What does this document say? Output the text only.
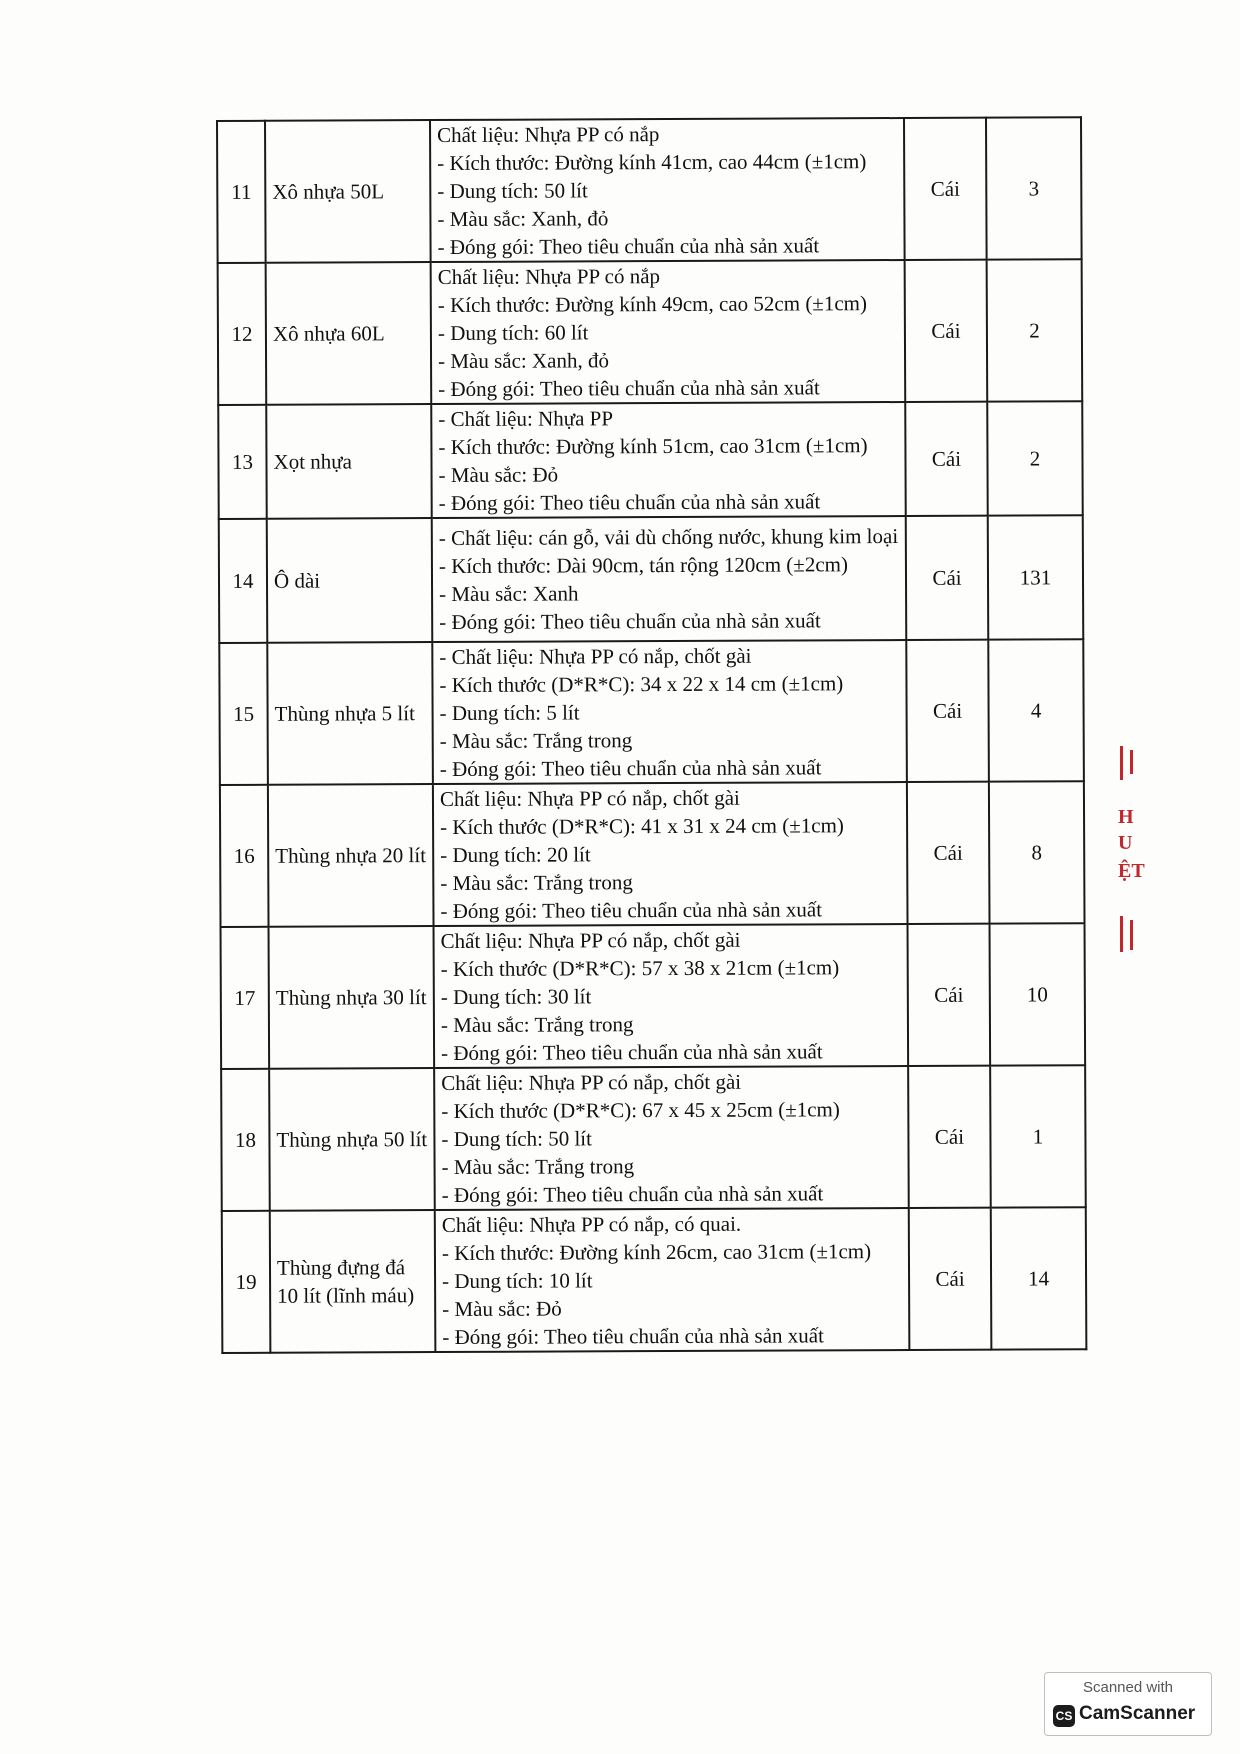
11	Xô nhựa 50L	Chất liệu: Nhựa PP có nắp
- Kích thước: Đường kính 41cm, cao 44cm (±1cm)
- Dung tích: 50 lít
- Màu sắc: Xanh, đỏ
- Đóng gói: Theo tiêu chuẩn của nhà sản xuất	Cái	3
12	Xô nhựa 60L	Chất liệu: Nhựa PP có nắp
- Kích thước: Đường kính 49cm, cao 52cm (±1cm)
- Dung tích: 60 lít
- Màu sắc: Xanh, đỏ
- Đóng gói: Theo tiêu chuẩn của nhà sản xuất	Cái	2
13	Xọt nhựa	- Chất liệu: Nhựa PP
- Kích thước: Đường kính 51cm, cao 31cm (±1cm)
- Màu sắc: Đỏ
- Đóng gói: Theo tiêu chuẩn của nhà sản xuất	Cái	2
14	Ô dài	- Chất liệu: cán gỗ, vải dù chống nước, khung kim loại
- Kích thước: Dài 90cm, tán rộng 120cm (±2cm)
- Màu sắc: Xanh
- Đóng gói: Theo tiêu chuẩn của nhà sản xuất	Cái	131
15	Thùng nhựa 5 lít	- Chất liệu: Nhựa PP có nắp, chốt gài
- Kích thước (D*R*C): 34 x 22 x 14 cm (±1cm)
- Dung tích: 5 lít
- Màu sắc: Trắng trong
- Đóng gói: Theo tiêu chuẩn của nhà sản xuất	Cái	4
16	Thùng nhựa 20 lít	Chất liệu: Nhựa PP có nắp, chốt gài
- Kích thước (D*R*C): 41 x 31 x 24 cm (±1cm)
- Dung tích: 20 lít
- Màu sắc: Trắng trong
- Đóng gói: Theo tiêu chuẩn của nhà sản xuất	Cái	8
17	Thùng nhựa 30 lít	Chất liệu: Nhựa PP có nắp, chốt gài
- Kích thước (D*R*C): 57 x 38 x 21cm (±1cm)
- Dung tích: 30 lít
- Màu sắc: Trắng trong
- Đóng gói: Theo tiêu chuẩn của nhà sản xuất	Cái	10
18	Thùng nhựa 50 lít	Chất liệu: Nhựa PP có nắp, chốt gài
- Kích thước (D*R*C): 67 x 45 x 25cm (±1cm)
- Dung tích: 50 lít
- Màu sắc: Trắng trong
- Đóng gói: Theo tiêu chuẩn của nhà sản xuất	Cái	1
19	Thùng đựng đá 10 lít (lĩnh máu)	Chất liệu: Nhựa PP có nắp, có quai.
- Kích thước: Đường kính 26cm, cao 31cm (±1cm)
- Dung tích: 10 lít
- Màu sắc: Đỏ
- Đóng gói: Theo tiêu chuẩn của nhà sản xuất	Cái	14
H
U
ỆT
Scanned with
CS CamScanner
